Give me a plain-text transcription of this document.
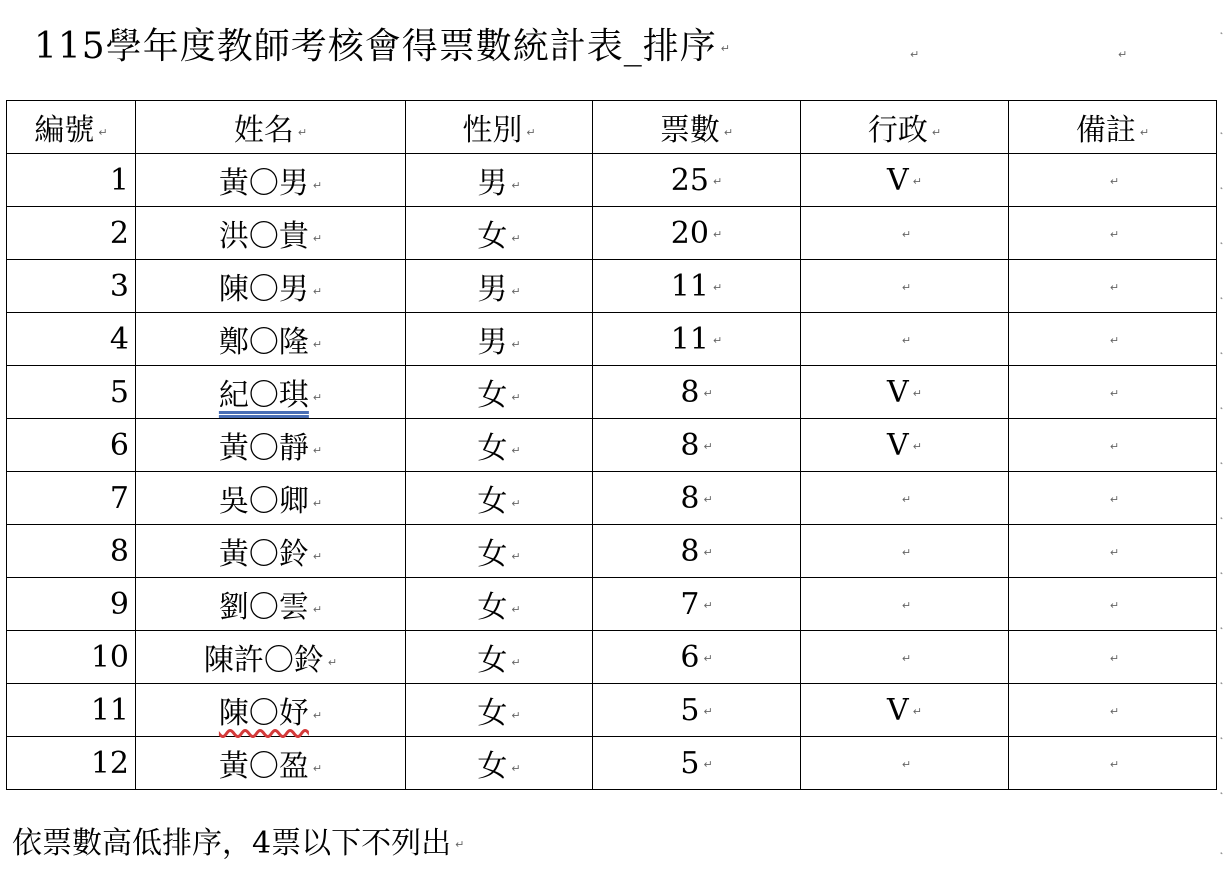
115學年度教師考核會得票數統計表_排序 ↵	↵	↵
編號 ↵	姓名 ↵	性別 ↵	票數 ↵	行政 ↵	備註 ↵
1	黃〇男 ↵	男 ↵	25 ↵	V ↵	↵
2	洪〇貴 ↵	女 ↵	20 ↵	↵	↵
3	陳〇男 ↵	男 ↵	11 ↵	↵	↵
4	鄭〇隆 ↵	男 ↵	11 ↵	↵	↵
5	紀〇琪 ↵	女 ↵	8 ↵	V ↵	↵
6	黃〇靜 ↵	女 ↵	8 ↵	V ↵	↵
7	吳〇卿 ↵	女 ↵	8 ↵	↵	↵
8	黃〇鈴 ↵	女 ↵	8 ↵	↵	↵
9	劉〇雲 ↵	女 ↵	7 ↵	↵	↵
10	陳許〇鈴 ↵	女 ↵	6 ↵	↵	↵
11	陳〇妤 ↵	女 ↵	5 ↵	V ↵	↵
12	黃〇盈 ↵	女 ↵	5 ↵	↵	↵
依票數高低排序，4票以下不列出 ↵
˛
˛
˛
˛
˛
˛
˛
˛
˛
˛
˛
˛
˛
˛
˛
